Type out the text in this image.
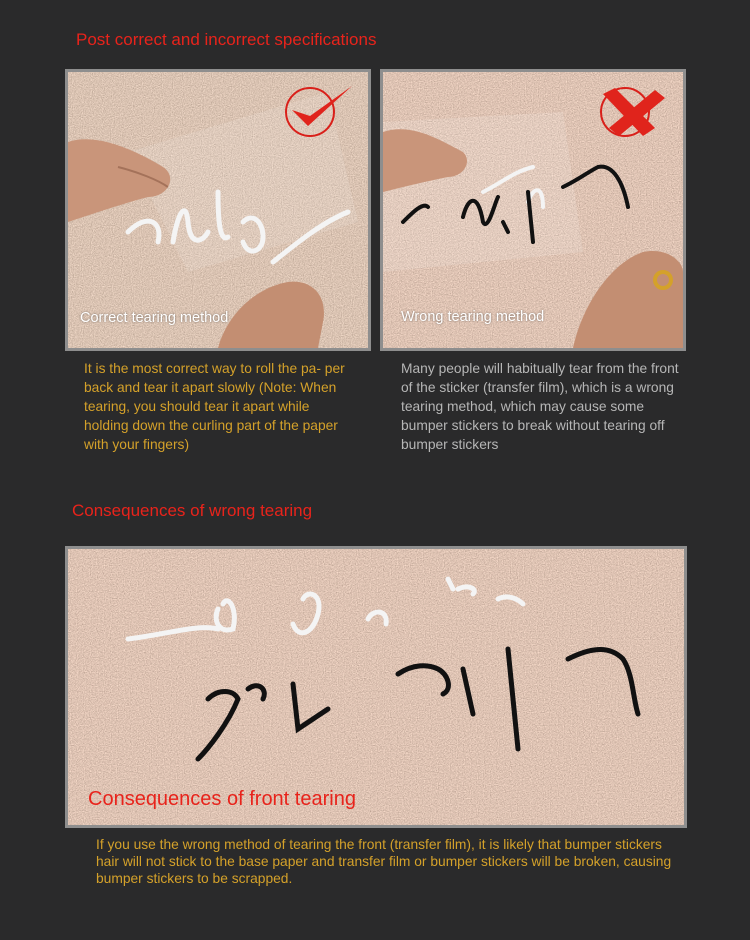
Post correct and incorrect specifications
Correct tearing method	Wrong tearing method

It is the most correct way to roll the pa- per back and tear it apart slowly (Note: When tearing, you should tear it apart while holding down the curling part of the paper with your fingers)

Many people will habitually tear from the front of the sticker (transfer film), which is a wrong tearing method, which may cause some bumper stickers to break without tearing off bumper stickers

Consequences of wrong tearing
Consequences of front tearing

If you use the wrong method of tearing the front (transfer film), it is likely that bumper stickers hair will not stick to the base paper and transfer film or bumper stickers will be broken, causing bumper stickers to be scrapped.
